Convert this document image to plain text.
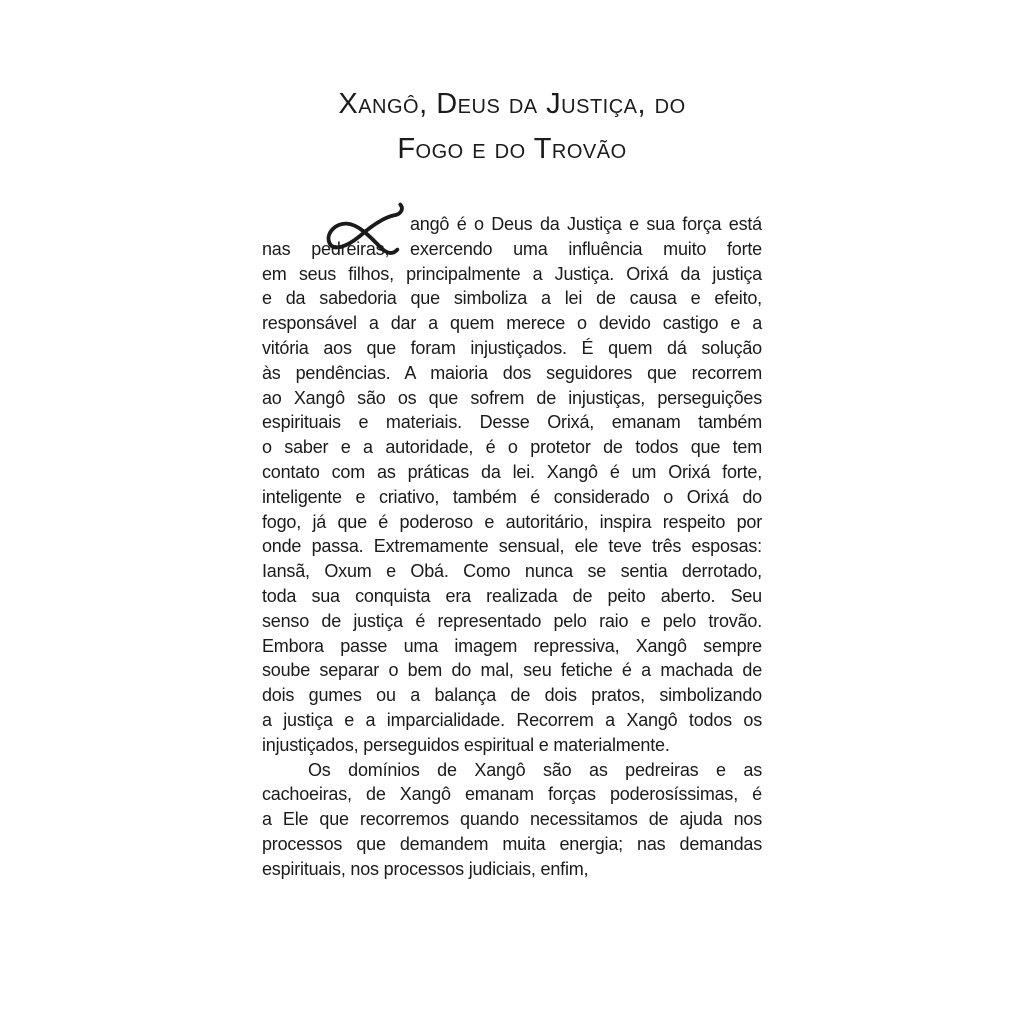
Xangô, Deus da Justiça, do
Fogo e do Trovão
angô é o Deus da Justiça e sua força está
nas pedreiras, exercendo uma influência muito forte
em seus filhos, principalmente a Justiça. Orixá da justiça
e da sabedoria que simboliza a lei de causa e efeito,
responsável a dar a quem merece o devido castigo e a
vitória aos que foram injustiçados. É quem dá solução
às pendências. A maioria dos seguidores que recorrem
ao Xangô são os que sofrem de injustiças, perseguições
espirituais e materiais. Desse Orixá, emanam também
o saber e a autoridade, é o protetor de todos que tem
contato com as práticas da lei. Xangô é um Orixá forte,
inteligente e criativo, também é considerado o Orixá do
fogo, já que é poderoso e autoritário, inspira respeito por
onde passa. Extremamente sensual, ele teve três esposas:
Iansã, Oxum e Obá. Como nunca se sentia derrotado,
toda sua conquista era realizada de peito aberto. Seu
senso de justiça é representado pelo raio e pelo trovão.
Embora passe uma imagem repressiva, Xangô sempre
soube separar o bem do mal, seu fetiche é a machada de
dois gumes ou a balança de dois pratos, simbolizando
a justiça e a imparcialidade. Recorrem a Xangô todos os
injustiçados, perseguidos espiritual e materialmente.
Os domínios de Xangô são as pedreiras e as
cachoeiras, de Xangô emanam forças poderosíssimas, é
a Ele que recorremos quando necessitamos de ajuda nos
processos que demandem muita energia; nas demandas
espirituais, nos processos judiciais, enfim,
